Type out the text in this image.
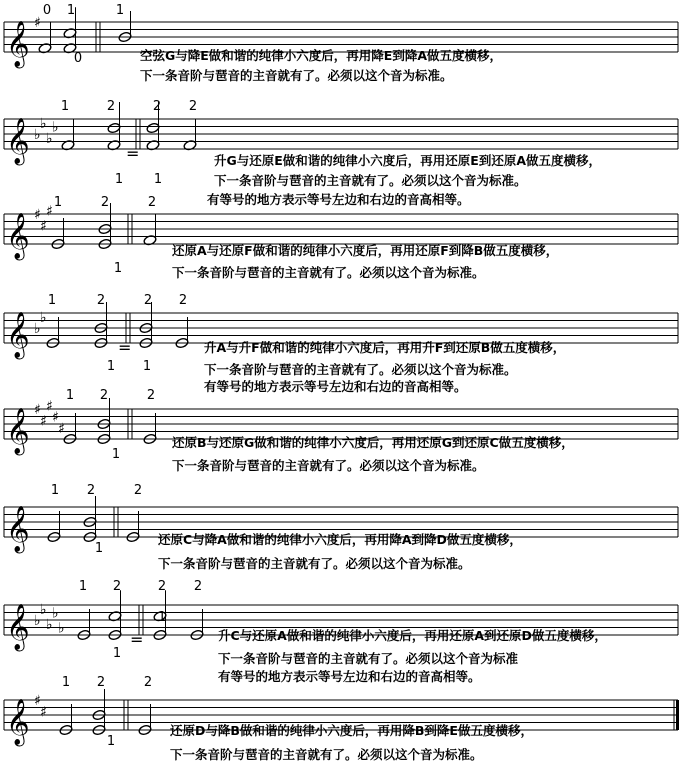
𝄞 ♯
0 1	1
0	空弦G与降E做和谐的纯律小六度后，再用降E到降A做五度横移，
下一条音阶与琶音的主音就有了。必须以这个音为标准。
𝄞 ♭
♭
♭
♭
=
1	2	2 2
1 1
升G与还原E做和谐的纯律小六度后，再用还原E到还原A做五度横移，
下一条音阶与琶音的主音就有了。必须以这个音为标准。
有等号的地方表示等号左边和右边的音高相等。
𝄞 ♯
♯
♯
1	2	2
1
还原A与还原F做和谐的纯律小六度后，再用还原F到降B做五度横移，
下一条音阶与琶音的主音就有了。必须以这个音为标准。
𝄞 ♭
♭
=
1	2	2 2
1 1
升A与升F做和谐的纯律小六度后，再用升F到还原B做五度横移，
下一条音阶与琶音的主音就有了。必须以这个音为标准。
有等号的地方表示等号左边和右边的音高相等。
𝄞 ♯
♯
♯
♯
♯
1 2	2
1
还原B与还原G做和谐的纯律小六度后，再用还原G到还原C做五度横移，
下一条音阶与琶音的主音就有了。必须以这个音为标准。
𝄞
1 2	2
1
还原C与降A做和谐的纯律小六度后，再用降A到降D做五度横移，
下一条音阶与琶音的主音就有了。必须以这个音为标准。
𝄞 ♭
♭
♭
♭
♭
=
1 2	2 2
1
1
升C与还原A做和谐的纯律小六度后，再用还原A到还原D做五度横移，
下一条音阶与琶音的主音就有了。必须以这个音为标准
有等号的地方表示等号左边和右边的音高相等。
𝄞 ♯
♯
1 2	2
1
还原D与降B做和谐的纯律小六度后，再用降B到降E做五度横移，
下一条音阶与琶音的主音就有了。必须以这个音为标准。
